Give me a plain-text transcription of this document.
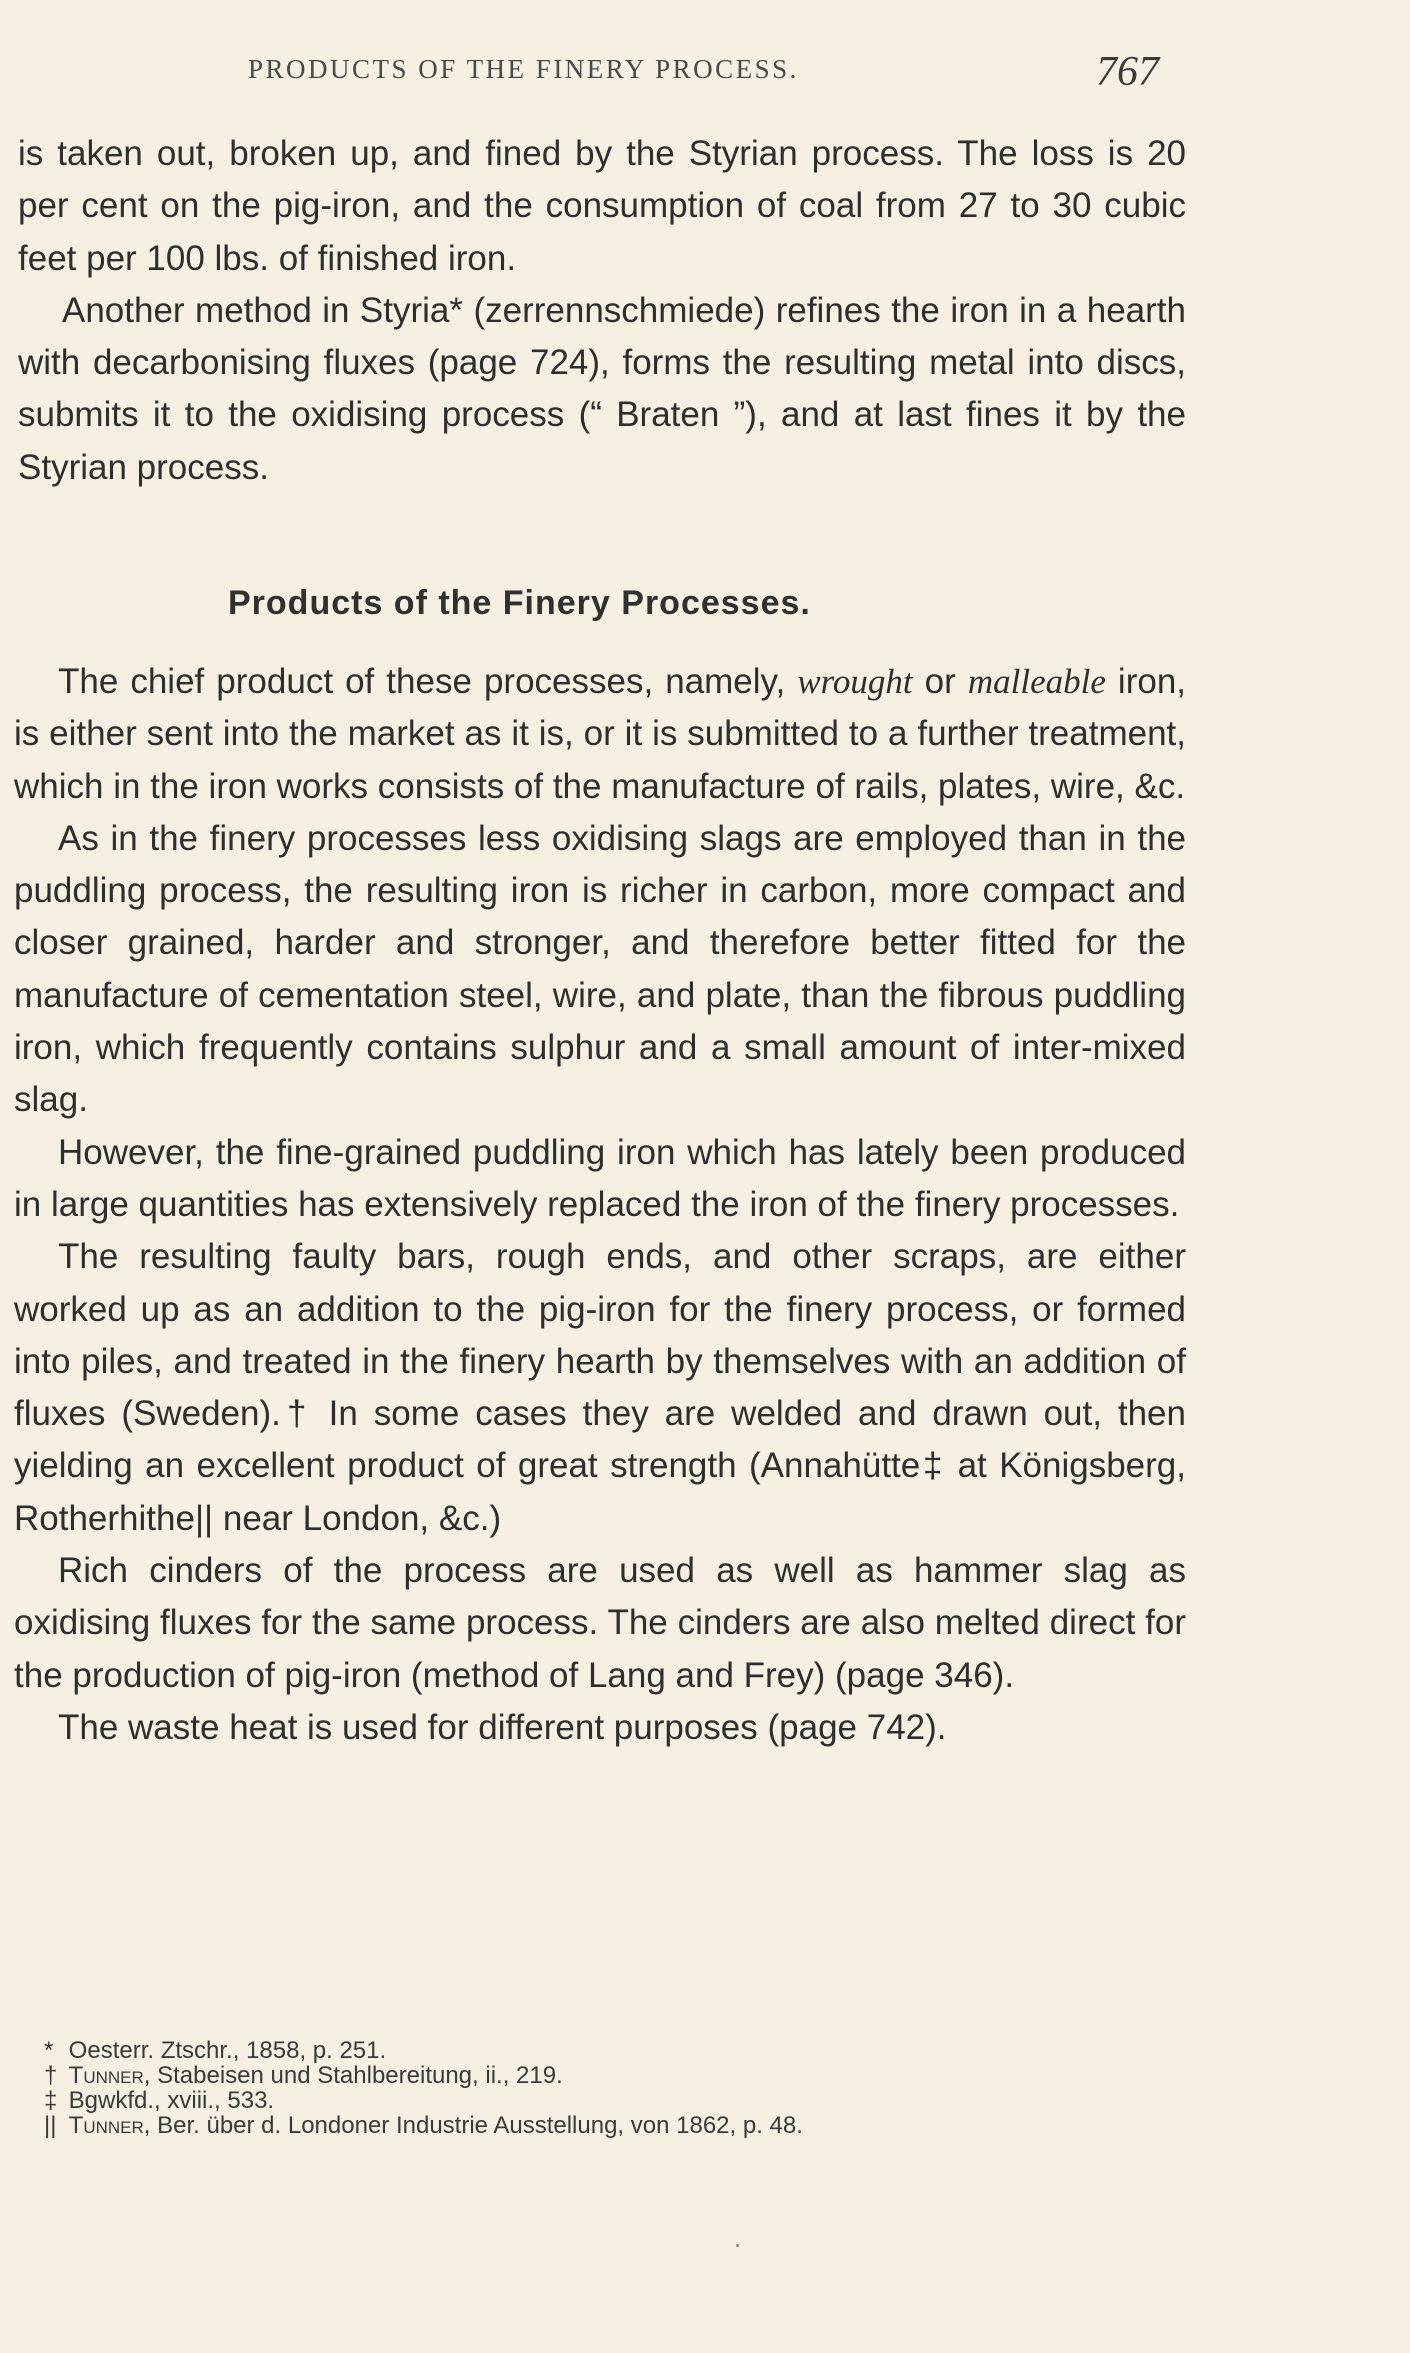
PRODUCTS OF THE FINERY PROCESS.	767

is taken out, broken up, and fined by the Styrian process. The loss is 20 per cent on the pig-iron, and the consumption of coal from 27 to 30 cubic feet per 100 lbs. of finished iron.

Another method in Styria* (zerrennschmiede) refines the iron in a hearth with decarbonising fluxes (page 724), forms the resulting metal into discs, submits it to the oxidising process (“ Braten ”), and at last fines it by the Styrian process.

Products of the Finery Processes.

The chief product of these processes, namely, wrought or malleable iron, is either sent into the market as it is, or it is submitted to a further treatment, which in the iron works consists of the manufacture of rails, plates, wire, &c.

As in the finery processes less oxidising slags are employed than in the puddling process, the resulting iron is richer in carbon, more compact and closer grained, harder and stronger, and therefore better fitted for the manufacture of cementation steel, wire, and plate, than the fibrous puddling iron, which frequently contains sulphur and a small amount of inter-mixed slag.

However, the fine-grained puddling iron which has lately been produced in large quantities has extensively replaced the iron of the finery processes.

The resulting faulty bars, rough ends, and other scraps, are either worked up as an addition to the pig-iron for the finery process, or formed into piles, and treated in the finery hearth by themselves with an addition of fluxes (Sweden).† In some cases they are welded and drawn out, then yielding an excellent product of great strength (Annahütte‡ at Königsberg, Rotherhithe|| near London, &c.)

Rich cinders of the process are used as well as hammer slag as oxidising fluxes for the same process. The cinders are also melted direct for the production of pig-iron (method of Lang and Frey) (page 346).

The waste heat is used for different purposes (page 742).

* Oesterr. Ztschr., 1858, p. 251.
† Tunner, Stabeisen und Stahlbereitung, ii., 219.
‡ Bgwkfd., xviii., 533.
|| Tunner, Ber. über d. Londoner Industrie Ausstellung, von 1862, p. 48.
